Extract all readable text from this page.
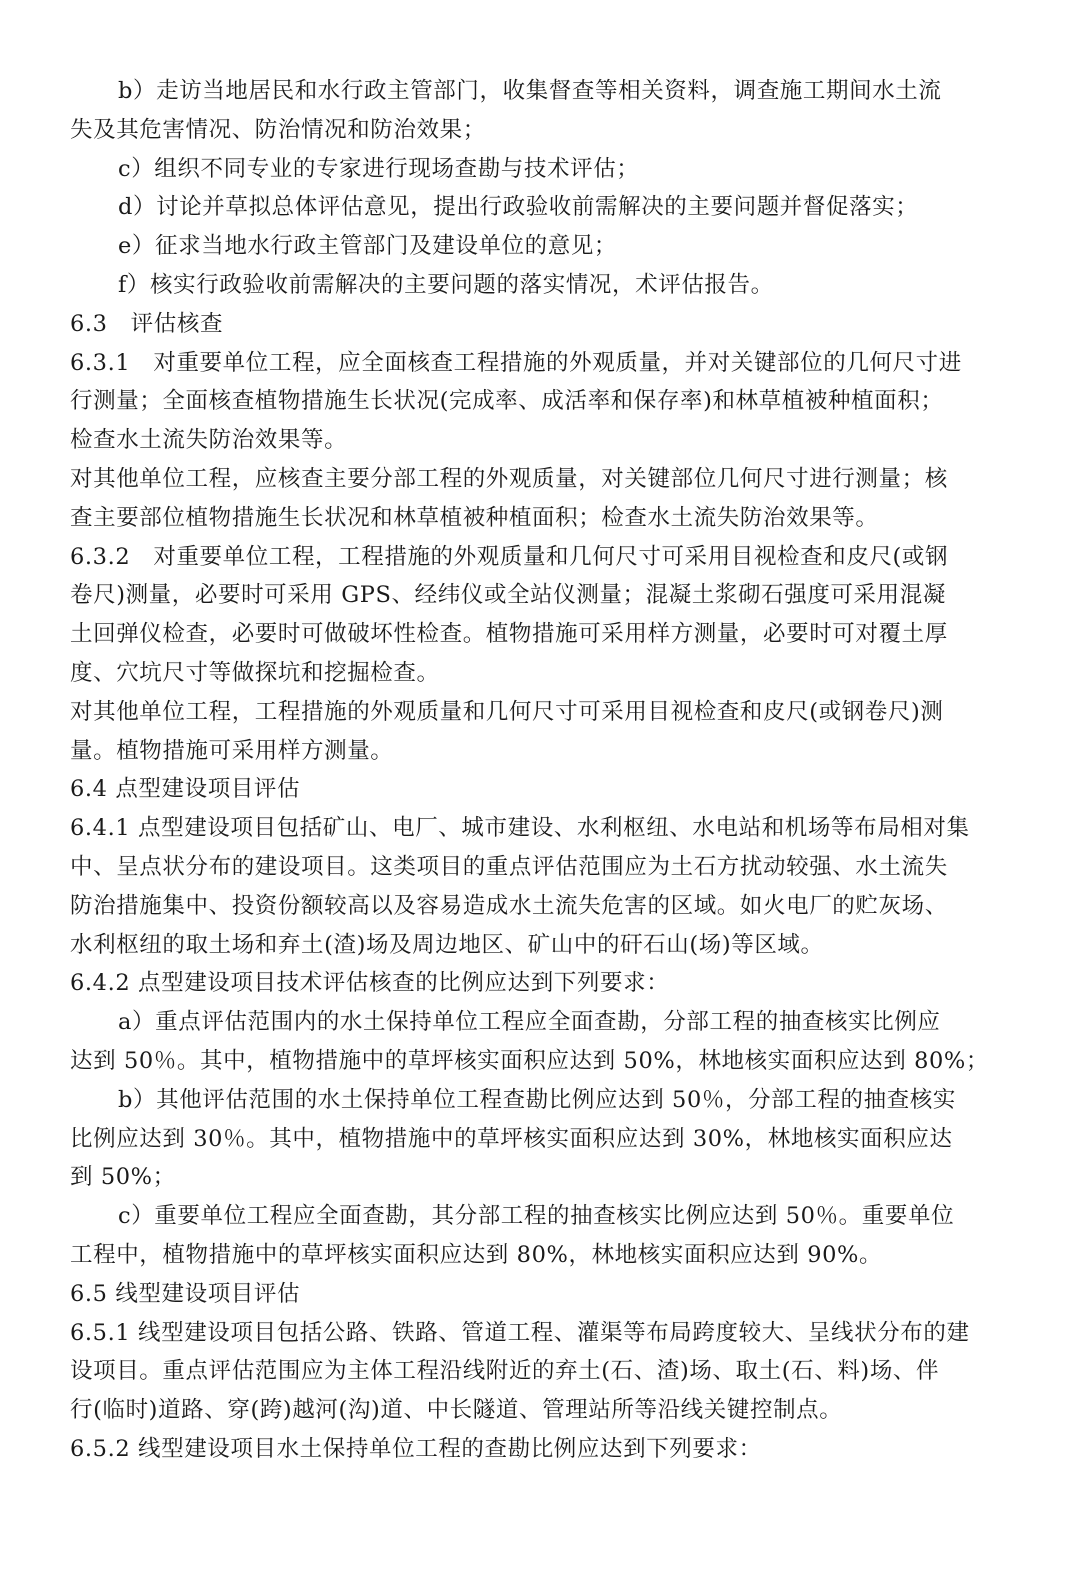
b）走访当地居民和水行政主管部门，收集督查等相关资料，调查施工期间水土流
失及其危害情况、防治情况和防治效果；
c）组织不同专业的专家进行现场查勘与技术评估；
d）讨论并草拟总体评估意见，提出行政验收前需解决的主要问题并督促落实；
e）征求当地水行政主管部门及建设单位的意见；
f）核实行政验收前需解决的主要问题的落实情况，术评估报告。
6.3　评估核查
6.3.1　对重要单位工程，应全面核查工程措施的外观质量，并对关键部位的几何尺寸进
行测量；全面核查植物措施生长状况(完成率、成活率和保存率)和林草植被种植面积；
检查水土流失防治效果等。
对其他单位工程，应核查主要分部工程的外观质量，对关键部位几何尺寸进行测量；核
查主要部位植物措施生长状况和林草植被种植面积；检查水土流失防治效果等。
6.3.2　对重要单位工程，工程措施的外观质量和几何尺寸可采用目视检查和皮尺(或钢
卷尺)测量，必要时可采用 GPS、经纬仪或全站仪测量；混凝土浆砌石强度可采用混凝
土回弹仪检查，必要时可做破坏性检查。植物措施可采用样方测量，必要时可对覆土厚
度、穴坑尺寸等做探坑和挖掘检查。
对其他单位工程，工程措施的外观质量和几何尺寸可采用目视检查和皮尺(或钢卷尺)测
量。植物措施可采用样方测量。
6.4 点型建设项目评估
6.4.1 点型建设项目包括矿山、电厂、城市建设、水利枢纽、水电站和机场等布局相对集
中、呈点状分布的建设项目。这类项目的重点评估范围应为土石方扰动较强、水土流失
防治措施集中、投资份额较高以及容易造成水土流失危害的区域。如火电厂的贮灰场、
水利枢纽的取土场和弃土(渣)场及周边地区、矿山中的矸石山(场)等区域。
6.4.2 点型建设项目技术评估核查的比例应达到下列要求：
a）重点评估范围内的水土保持单位工程应全面查勘，分部工程的抽查核实比例应
达到 50％。其中，植物措施中的草坪核实面积应达到 50%，林地核实面积应达到 80%；
b）其他评估范围的水土保持单位工程查勘比例应达到 50％，分部工程的抽查核实
比例应达到 30％。其中，植物措施中的草坪核实面积应达到 30%，林地核实面积应达
到 50%；
c）重要单位工程应全面查勘，其分部工程的抽查核实比例应达到 50％。重要单位
工程中，植物措施中的草坪核实面积应达到 80%，林地核实面积应达到 90%。
6.5 线型建设项目评估
6.5.1 线型建设项目包括公路、铁路、管道工程、灌渠等布局跨度较大、呈线状分布的建
设项目。重点评估范围应为主体工程沿线附近的弃土(石、渣)场、取土(石、料)场、伴
行(临时)道路、穿(跨)越河(沟)道、中长隧道、管理站所等沿线关键控制点。
6.5.2 线型建设项目水土保持单位工程的查勘比例应达到下列要求：
